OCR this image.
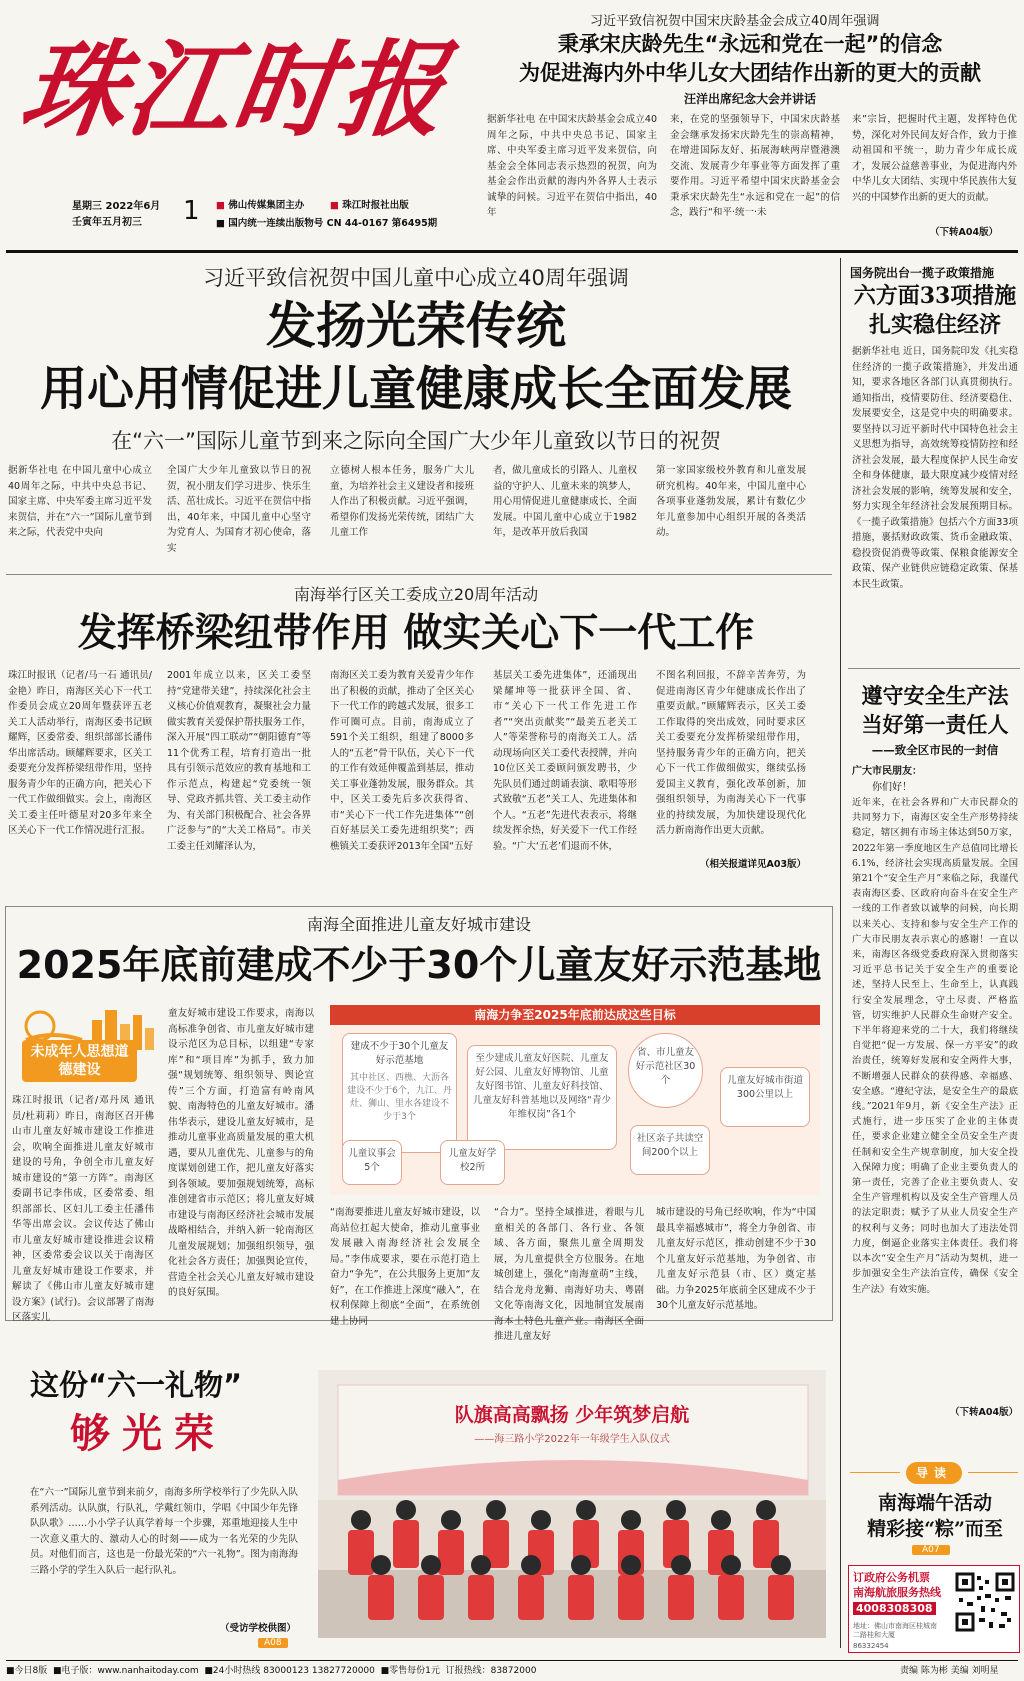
珠江时报
星期三 2022年6月
壬寅年五月初三 1 ■ 佛山传媒集团主办	■ 珠江时报社出版
■ 国内统一连续出版物号 CN 44-0167 第6495期
习近平致信祝贺中国宋庆龄基金会成立40周年强调
秉承宋庆龄先生“永远和党在一起”的信念
为促进海内外中华儿女大团结作出新的更大的贡献
汪洋出席纪念大会并讲话
据新华社电 在中国宋庆龄基金会成立40周年之际，中共中央总书记、国家主席、中央军委主席习近平发来贺信，向基金会全体同志表示热烈的祝贺，向为基金会作出贡献的海内外各界人士表示诚挚的问候。习近平在贺信中指出，40年
来，在党的坚强领导下，中国宋庆龄基金会继承发扬宋庆龄先生的崇高精神，在增进国际友好、拓展海峡两岸暨港澳交流、发展青少年事业等方面发挥了重要作用。习近平希望中国宋庆龄基金会秉承宋庆龄先生“永远和党在一起”的信念，践行“和平·统一·未
来”宗旨，把握时代主题，发挥特色优势，深化对外民间友好合作，致力于推动祖国和平统一，助力青少年成长成才，发展公益慈善事业，为促进海内外中华儿女大团结、实现中华民族伟大复兴的中国梦作出新的更大的贡献。
（下转A04版）
习近平致信祝贺中国儿童中心成立40周年强调
发扬光荣传统
用心用情促进儿童健康成长全面发展
在“六一”国际儿童节到来之际向全国广大少年儿童致以节日的祝贺
据新华社电 在中国儿童中心成立40周年之际，中共中央总书记、国家主席、中央军委主席习近平发来贺信，并在“六一”国际儿童节到来之际，代表党中央向
全国广大少年儿童致以节日的祝贺，祝小朋友们学习进步、快乐生活、茁壮成长。习近平在贺信中指出，40年来，中国儿童中心坚守为党育人、为国育才初心使命，落实
立德树人根本任务，服务广大儿童，为培养社会主义建设者和接班人作出了积极贡献。习近平强调，希望你们发扬光荣传统，团结广大儿童工作
者，做儿童成长的引路人、儿童权益的守护人、儿童未来的筑梦人，用心用情促进儿童健康成长、全面发展。中国儿童中心成立于1982年，是改革开放后我国
第一家国家级校外教育和儿童发展研究机构。40年来，中国儿童中心各项事业蓬勃发展，累计有数亿少年儿童参加中心组织开展的各类活动。
南海举行区关工委成立20周年活动
发挥桥梁纽带作用 做实关心下一代工作
珠江时报讯（记者/马一石 通讯员/金艳）昨日，南海区关心下一代工作委员会成立20周年暨获评五老关工人活动举行，南海区委书记顾耀辉，区委常委、组织部部长潘伟华出席活动。顾耀辉要求，区关工委要充分发挥桥梁纽带作用，坚持服务青少年的正确方向，把关心下一代工作做细做实。会上，南海区关工委主任叶德星对20多年来全区关心下一代工作情况进行汇报。
2001年成立以来，区关工委坚持“党建带关建”，持续深化社会主义核心价值观教育，凝聚社会力量做实教育关爱保护帮扶服务工作，深入开展“四工联动”“朝阳德育”等11个优秀工程，培育打造出一批具有引领示范效应的教育基地和工作示范点，构建起“党委统一领导、党政齐抓共管、关工委主动作为、有关部门积极配合、社会各界广泛参与”的“大关工格局”。市关工委主任刘耀泽认为，
南海区关工委为教育关爱青少年作出了积极的贡献，推动了全区关心下一代工作的跨越式发展，很多工作可圈可点。目前，南海成立了591个关工组织，组建了8000多人的“五老”骨干队伍，关心下一代的工作有效延伸覆盖到基层，推动关工事业蓬勃发展，服务群众。其中，区关工委先后多次获得省、市“关心下一代工作先进集体”“创百好基层关工委先进组织奖”；西樵镇关工委获评2013年全国“五好
基层关工委先进集体”，还涌现出梁耀坤等一批获评全国、省、市“关心下一代工作先进工作者”“突出贡献奖”“最美五老关工人”等荣誉称号的南海关工人。活动现场向区关工委代表授牌，并向10位区关工委顾问颁发聘书，少先队员们通过朗诵表演、歌唱等形式致敬“五老”关工人、先进集体和个人。“五老”先进代表表示，将继续发挥余热，好关爱下一代工作经验。“广大‘五老’们退而不休，
不图名利回报，不辞辛苦奔劳，为促进南海区青少年健康成长作出了重要贡献。”顾耀辉表示，区关工委工作取得的突出成效，同时要求区关工委要充分发挥桥梁纽带作用，坚持服务青少年的正确方向，把关心下一代工作做细做实，继续弘扬爱国主义教育，强化改革创新，加强组织领导，为南海关心下一代事业的持续发展，为加快建设现代化活力新南海作出更大贡献。
（相关报道详见A03版）
南海全面推进儿童友好城市建设
2025年底前建成不少于30个儿童友好示范基地
未成年人思想道德建设
珠江时报讯（记者/邓丹凤 通讯员/杜莉莉）昨日，南海区召开佛山市儿童友好城市建设工作推进会，吹响全面推进儿童友好城市建设的号角，争创全市儿童友好城市建设的“第一方阵”。南海区委副书记李伟成，区委常委、组织部部长、区妇儿工委主任潘伟华等出席会议。会议传达了佛山市儿童友好城市建设推进会议精神，区委常委会议以关于南海区儿童友好城市建设工作要求，并解读了《佛山市儿童友好城市建设方案》(试行)。会议部署了南海区落实儿
童友好城市建设工作要求，南海以高标准争创省、市儿童友好城市建设示范区为总目标，以组建“专家库”和“项目库”为抓手，致力加强“规划统筹、组织领导、舆论宣传”三个方面，打造富有岭南风貌、南海特色的儿童友好城市。潘伟华表示，建设儿童友好城市，是推动儿童事业高质量发展的重大机遇，要从儿童优先、儿童参与的角度谋划创建工作，把儿童友好落实到各领域。要加强规划统筹，高标准创建省市示范区；将儿童友好城市建设与南海区经济社会城市发展战略相结合，并纳入新一轮南海区儿童发展规划；加强组织领导，强化社会各方责任；加强舆论宣传，营造全社会关心儿童友好城市建设的良好氛围。
南海力争至2025年底前达成这些目标
建成不少于30个儿童友好示范基地
其中社区、西樵、大沥各建设不少于6个，九江、丹灶、狮山、里水各建设不少于3个
至少建成儿童友好医院、儿童友好公园、儿童友好博物馆、儿童友好图书馆、儿童友好科技馆、儿童友好科普基地以及网络“青少年维权岗”各1个
省、市儿童友好示范社区30个	儿童友好城市街道300公里以上
儿童议事会5个
儿童友好学校2所
社区亲子共读空间200个以上
“南海要推进儿童友好城市建设，以高站位扛起大使命，推动儿童事业发展融入南海经济社会发展全局。”李伟成要求，要在示范打造上奋力“争先”，在公共服务上更加“友好”，在工作推进上深度“融入”，在权利保障上彻底“全面”，在系统创建上协同
“合力”。坚持全域推进，着眼与儿童相关的各部门、各行业、各领域、各方面，聚焦儿童全周期发展，为儿童提供全方位服务。在地城创建上，强化“南海童萌”主线，结合龙舟龙狮、南海好功夫、粤剧文化等南海文化，因地制宜发展南海本土特色儿童产业。南海区全面推进儿童友好
城市建设的号角已经吹响，作为“中国最具幸福感城市”，将全力争创省、市儿童友好示范区，推动创建不少于30个儿童友好示范基地，为争创省、市儿童友好示范县（市、区）奠定基础。力争2025年底前全区建成不少于30个儿童友好示范基地。
这份“六一礼物”
够光荣
在“六一”国际儿童节到来前夕，南海多所学校举行了少先队入队系列活动。认队旗，行队礼，学戴红领巾，学唱《中国少年先锋队队歌》……小小学子认真学着每一个步骤，郑重地迎接人生中一次意义重大的、激动人心的时刻——成为一名光荣的少先队员。对他们而言，这也是一份最光荣的“六一礼物”。图为南海海三路小学的学生入队后一起行队礼。
（受访学校供图）
A08
队旗高高飘扬 少年筑梦启航
——海三路小学2022年一年级学生入队仪式
国务院出台一揽子政策措施
六方面33项措施
扎实稳住经济
据新华社电 近日，国务院印发《扎实稳住经济的一揽子政策措施》，并发出通知，要求各地区各部门认真贯彻执行。通知指出，疫情要防住、经济要稳住、发展要安全，这是党中央的明确要求。要坚持以习近平新时代中国特色社会主义思想为指导，高效统筹疫情防控和经济社会发展，最大程度保护人民生命安全和身体健康，最大限度减少疫情对经济社会发展的影响，统筹发展和安全，努力实现全年经济社会发展预期目标。《一揽子政策措施》包括六个方面33项措施，裹括财政政策、货币金融政策、稳投资促消费等政策、保粮食能源安全政策、保产业链供应链稳定政策、保基本民生政策。
遵守安全生产法
当好第一责任人
——致全区市民的一封信
广大市民朋友：
你们好！
近年来，在社会各界和广大市民群众的共同努力下，南海区安全生产形势持续稳定，辖区拥有市场主体达到50万家，2022年第一季度地区生产总值同比增长6.1%，经济社会实现高质量发展。全国第21个“安全生产月”来临之际，我谨代表南海区委、区政府向奋斗在安全生产一线的工作者致以诚挚的问候，向长期以来关心、支持和参与安全生产工作的广大市民朋友表示衷心的感谢！一直以来，南海区各级党委政府深入贯彻落实习近平总书记关于安全生产的重要论述，坚持人民至上、生命至上，认真践行安全发展理念，守土尽责、严格监管，切实维护人民群众生命财产安全。下半年将迎来党的二十大，我们将继续自觉把“促一方发展、保一方平安”的政治责任，统筹好发展和安全两件大事，不断增强人民群众的获得感、幸福感、安全感。“遵纪守法，是安全生产的最底线。”2021年9月，新《安全生产法》正式施行，进一步压实了企业的主体责任，要求企业建立健全全员安全生产责任制和安全生产规章制度，加大安全投入保障力度；明确了企业主要负责人的第一责任，完善了企业主要负责人、安全生产管理机构以及安全生产管理人员的法定职责；赋予了从业人员安全生产的权利与义务；同时也加大了违法处罚力度，倒逼企业落实主体责任。我们将以本次“安全生产月”活动为契机，进一步加强安全生产法治宣传，确保《安全生产法》有效实施。
（下转A04版）
导读
南海端午活动
精彩接“粽”而至
A07
订政府公务机票
南海航旅服务热线
4008308308
地址：佛山市南海区桂城南二路桂和大厦
86332454
■今日8版 ■电子版：www.nanhaitoday.com ■24小时热线 83000123 13827720000 ■零售每份1元 订报热线：83872000	责编 陈为彬 美编 刘明星
